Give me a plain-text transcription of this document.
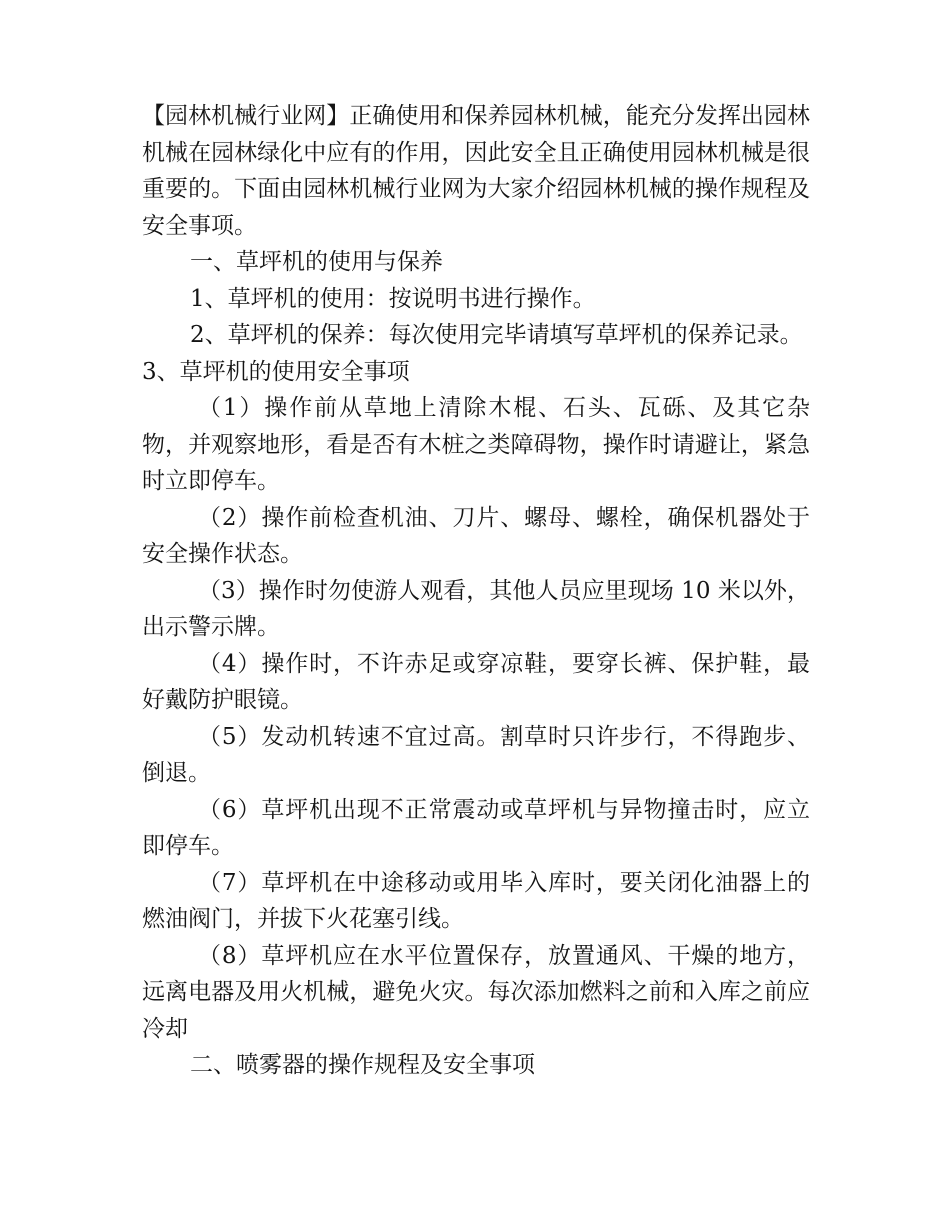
【园林机械行业网】正确使用和保养园林机械，能充分发挥出园林机械在园林绿化中应有的作用，因此安全且正确使用园林机械是很重要的。下面由园林机械行业网为大家介绍园林机械的操作规程及安全事项。

一、草坪机的使用与保养

1、草坪机的使用：按说明书进行操作。

2、草坪机的保养：每次使用完毕请填写草坪机的保养记录。

3、草坪机的使用安全事项

（1）操作前从草地上清除木棍、石头、瓦砾、及其它杂物，并观察地形，看是否有木桩之类障碍物，操作时请避让，紧急时立即停车。

（2）操作前检查机油、刀片、螺母、螺栓，确保机器处于安全操作状态。

（3）操作时勿使游人观看，其他人员应里现场 10 米以外，出示警示牌。

（4）操作时，不许赤足或穿凉鞋，要穿长裤、保护鞋，最好戴防护眼镜。

（5）发动机转速不宜过高。割草时只许步行，不得跑步、倒退。

（6）草坪机出现不正常震动或草坪机与异物撞击时，应立即停车。

（7）草坪机在中途移动或用毕入库时，要关闭化油器上的燃油阀门，并拔下火花塞引线。

（8）草坪机应在水平位置保存，放置通风、干燥的地方，远离电器及用火机械，避免火灾。每次添加燃料之前和入库之前应冷却

二、喷雾器的操作规程及安全事项
